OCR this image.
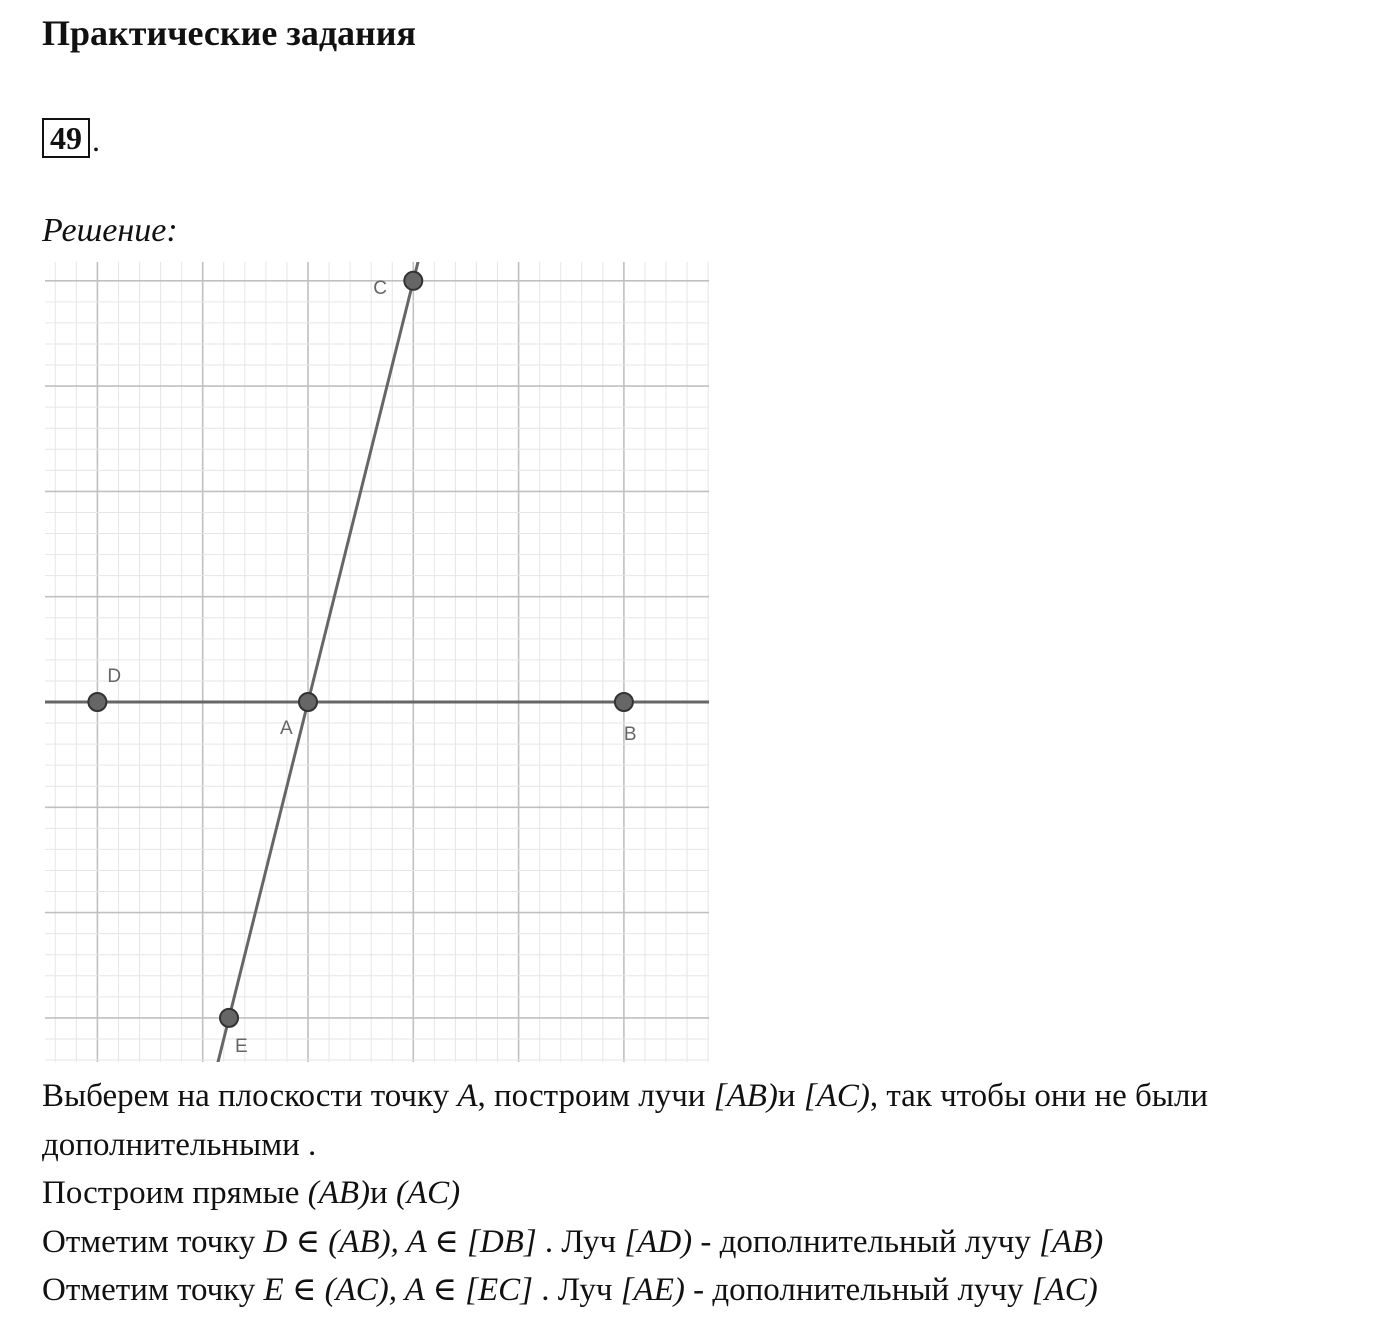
Практические задания
49 .
Решение:
A	B
C
D
E

Выберем на плоскости точку A, построим лучи [AB)и [AC), так чтобы они не были дополнительными .

Построим прямые (AB)и (AC)

Отметим точку D ∈ (AB), A ∈ [DB] . Луч [AD) - дополнительный лучу [AB)

Отметим точку E ∈ (AC), A ∈ [EC] . Луч [AE) - дополнительный лучу [AC)
